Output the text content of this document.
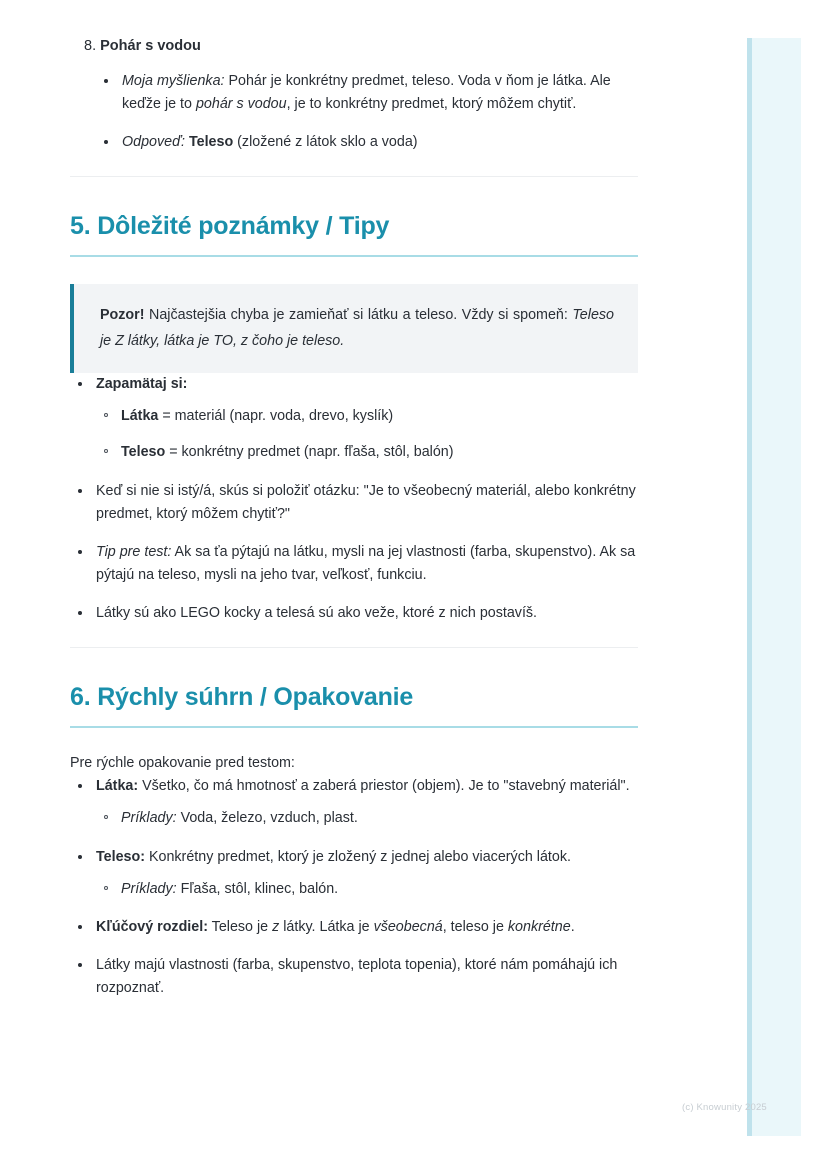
8. Pohár s vodou

Moja myšlienka: Pohár je konkrétny predmet, teleso. Voda v ňom je látka. Ale keďže je to pohár s vodou, je to konkrétny predmet, ktorý môžem chytiť.
Odpoveď: Teleso (zložené z látok sklo a voda)
5. Dôležité poznámky / Tipy

Pozor! Najčastejšia chyba je zamieňať si látku a teleso. Vždy si spomeň: Teleso je Z látky, látka je TO, z čoho je teleso.

Zapamätaj si:
Látka = materiál (napr. voda, drevo, kyslík)
Teleso = konkrétny predmet (napr. fľaša, stôl, balón)
Keď si nie si istý/á, skús si položiť otázku: "Je to všeobecný materiál, alebo konkrétny predmet, ktorý môžem chytiť?"
Tip pre test: Ak sa ťa pýtajú na látku, mysli na jej vlastnosti (farba, skupenstvo). Ak sa pýtajú na teleso, mysli na jeho tvar, veľkosť, funkciu.
Látky sú ako LEGO kocky a telesá sú ako veže, ktoré z nich postavíš.
6. Rýchly súhrn / Opakovanie

Pre rýchle opakovanie pred testom:

Látka: Všetko, čo má hmotnosť a zaberá priestor (objem). Je to "stavebný materiál".
Príklady: Voda, železo, vzduch, plast.
Teleso: Konkrétny predmet, ktorý je zložený z jednej alebo viacerých látok.
Príklady: Fľaša, stôl, klinec, balón.
Kľúčový rozdiel: Teleso je z látky. Látka je všeobecná, teleso je konkrétne.
Látky majú vlastnosti (farba, skupenstvo, teplota topenia), ktoré nám pomáhajú ich rozpoznať.
(c) Knowunity 2025
